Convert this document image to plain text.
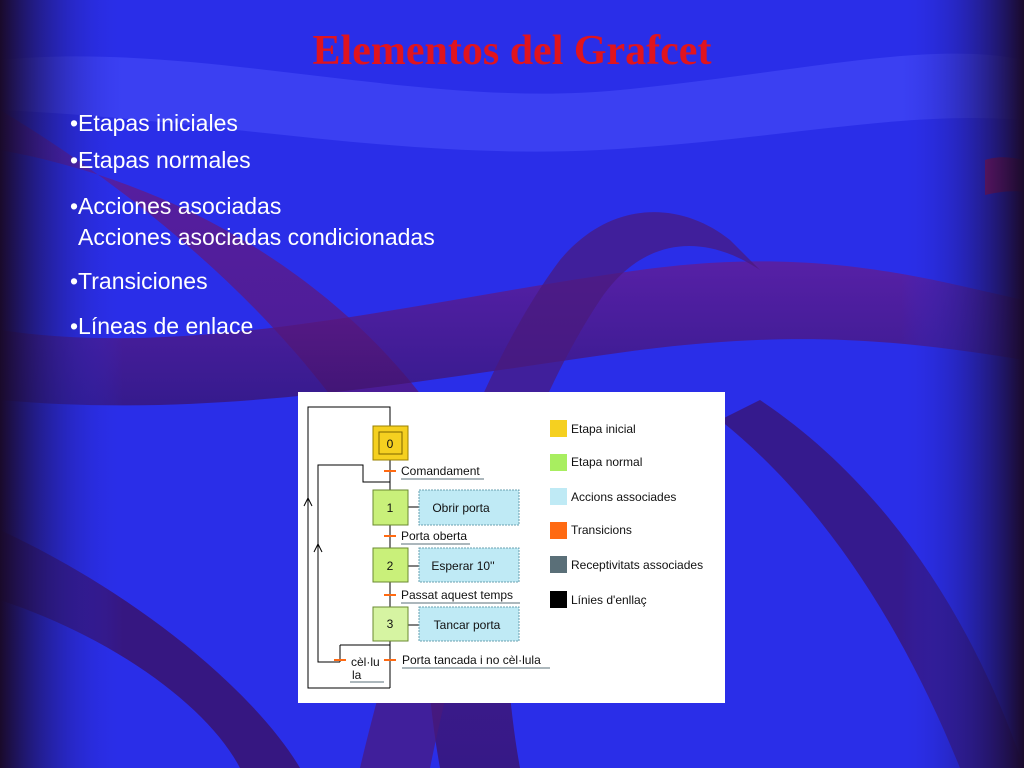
Elementos del Grafcet
•Etapas iniciales
•Etapas normales
•Acciones asociadas
Acciones asociadas condicionadas
•Transiciones
•Líneas de enlace
0
1
2
3
Obrir porta
Esperar 10''
Tancar porta
Comandament
Porta oberta
Passat aquest temps
Porta tancada i no cèl·lula
cèl·lu
la
Etapa inicial
Etapa normal
Accions associades
Transicions
Receptivitats associades
Línies d'enllaç
